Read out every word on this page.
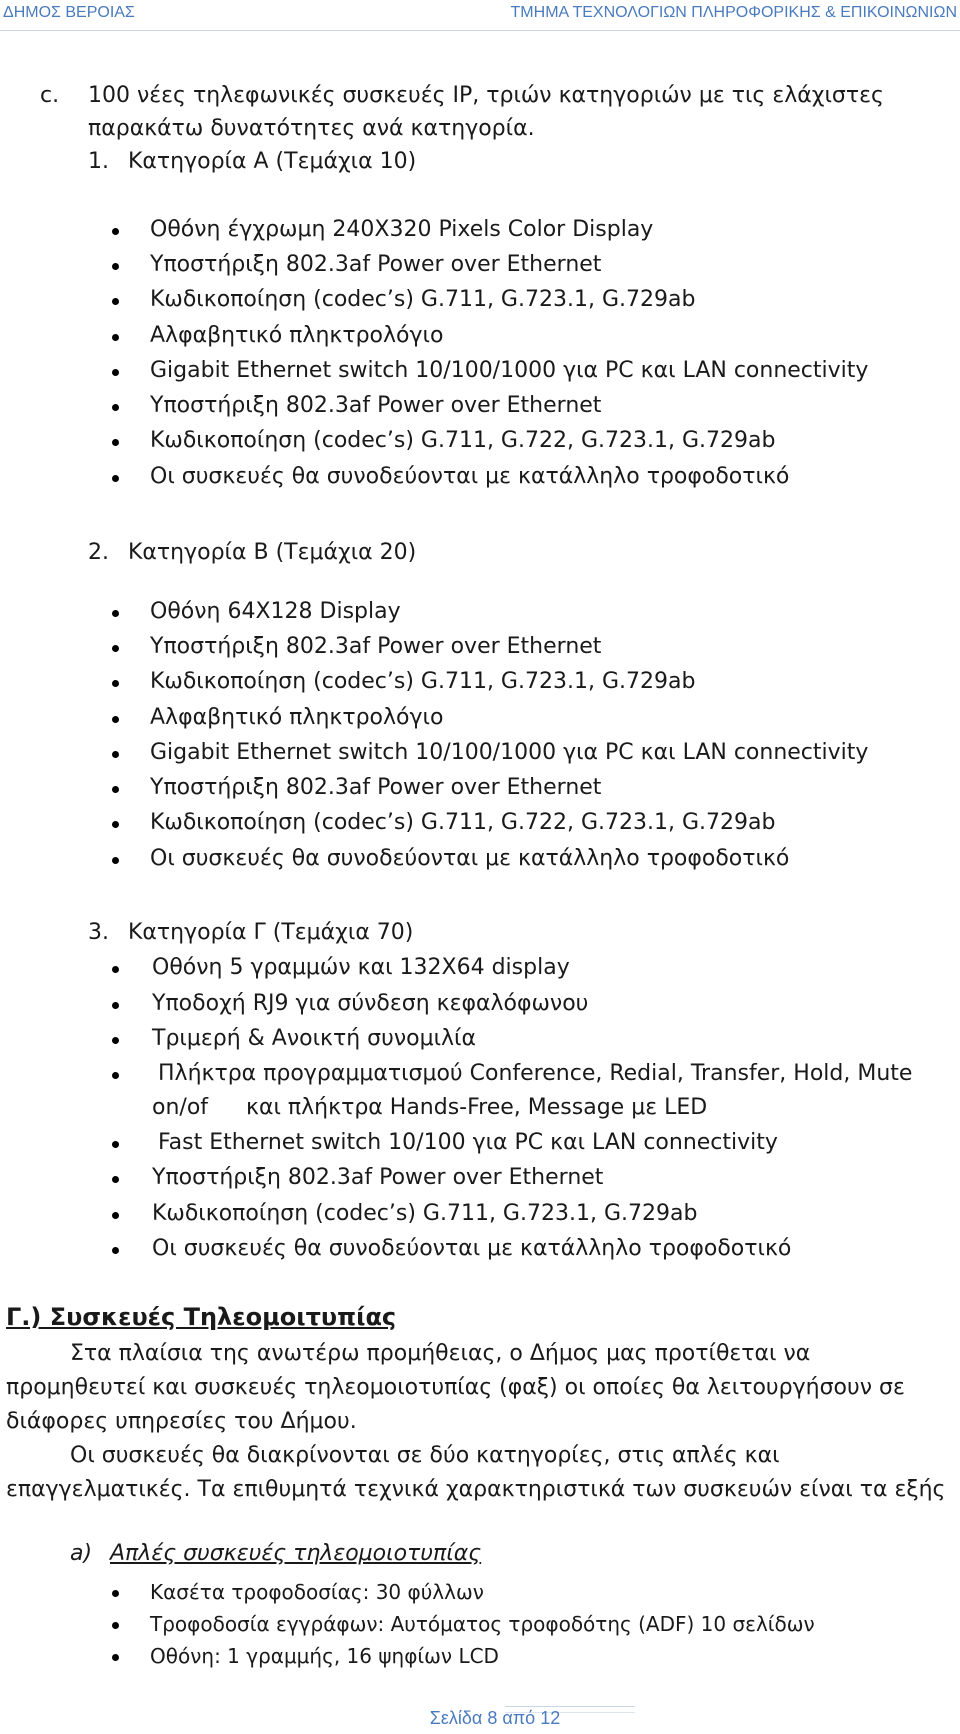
ΔΗΜΟΣ ΒΕΡΟΙΑΣ	ΤΜΗΜΑ ΤΕΧΝΟΛΟΓΙΩΝ ΠΛΗΡΟΦΟΡΙΚΗΣ & ΕΠΙΚΟΙΝΩΝΙΩΝ
c. 100 νέες τηλεφωνικές συσκευές IP, τριών κατηγοριών με τις ελάχιστες
παρακάτω δυνατότητες ανά κατηγορία.
1. Κατηγορία Α (Τεμάχια 10)
Οθόνη έγχρωμη 240X320 Pixels Color Display
Υποστήριξη 802.3af Power over Ethernet
Κωδικοποίηση (codec’s) G.711, G.723.1, G.729ab
Αλφαβητικό πληκτρολόγιο
Gigabit Ethernet switch 10/100/1000 για PC και LAN connectivity
Υποστήριξη 802.3af Power over Ethernet
Κωδικοποίηση (codec’s) G.711, G.722, G.723.1, G.729ab
Οι συσκευές θα συνοδεύονται με κατάλληλο τροφοδοτικό
2. Κατηγορία Β (Τεμάχια 20)
Οθόνη 64X128 Display
Υποστήριξη 802.3af Power over Ethernet
Κωδικοποίηση (codec’s) G.711, G.723.1, G.729ab
Αλφαβητικό πληκτρολόγιο
Gigabit Ethernet switch 10/100/1000 για PC και LAN connectivity
Υποστήριξη 802.3af Power over Ethernet
Κωδικοποίηση (codec’s) G.711, G.722, G.723.1, G.729ab
Οι συσκευές θα συνοδεύονται με κατάλληλο τροφοδοτικό
3. Κατηγορία Γ (Τεμάχια 70)
Οθόνη 5 γραμμών και 132X64 display
Υποδοχή RJ9 για σύνδεση κεφαλόφωνου
Τριμερή & Ανοικτή συνομιλία
Πλήκτρα προγραμματισμού Conference, Redial, Transfer, Hold, Mute
on/of και πλήκτρα Hands-Free, Message με LED
Fast Ethernet switch 10/100 για PC και LAN connectivity
Υποστήριξη 802.3af Power over Ethernet
Κωδικοποίηση (codec’s) G.711, G.723.1, G.729ab
Οι συσκευές θα συνοδεύονται με κατάλληλο τροφοδοτικό
Γ.) Συσκευές Τηλεομοιτυπίας
Στα πλαίσια της ανωτέρω προμήθειας, ο Δήμος μας προτίθεται να
προμηθευτεί και συσκευές τηλεομοιοτυπίας (φαξ) οι οποίες θα λειτουργήσουν σε
διάφορες υπηρεσίες του Δήμου.
Οι συσκευές θα διακρίνονται σε δύο κατηγορίες, στις απλές και
επαγγελματικές. Τα επιθυμητά τεχνικά χαρακτηριστικά των συσκευών είναι τα εξής
a) Απλές συσκευές τηλεομοιοτυπίας
Κασέτα τροφοδοσίας: 30 φύλλων
Τροφοδοσία εγγράφων: Αυτόματος τροφοδότης (ADF) 10 σελίδων
Οθόνη: 1 γραμμής, 16 ψηφίων LCD
Σελίδα 8 από 12
